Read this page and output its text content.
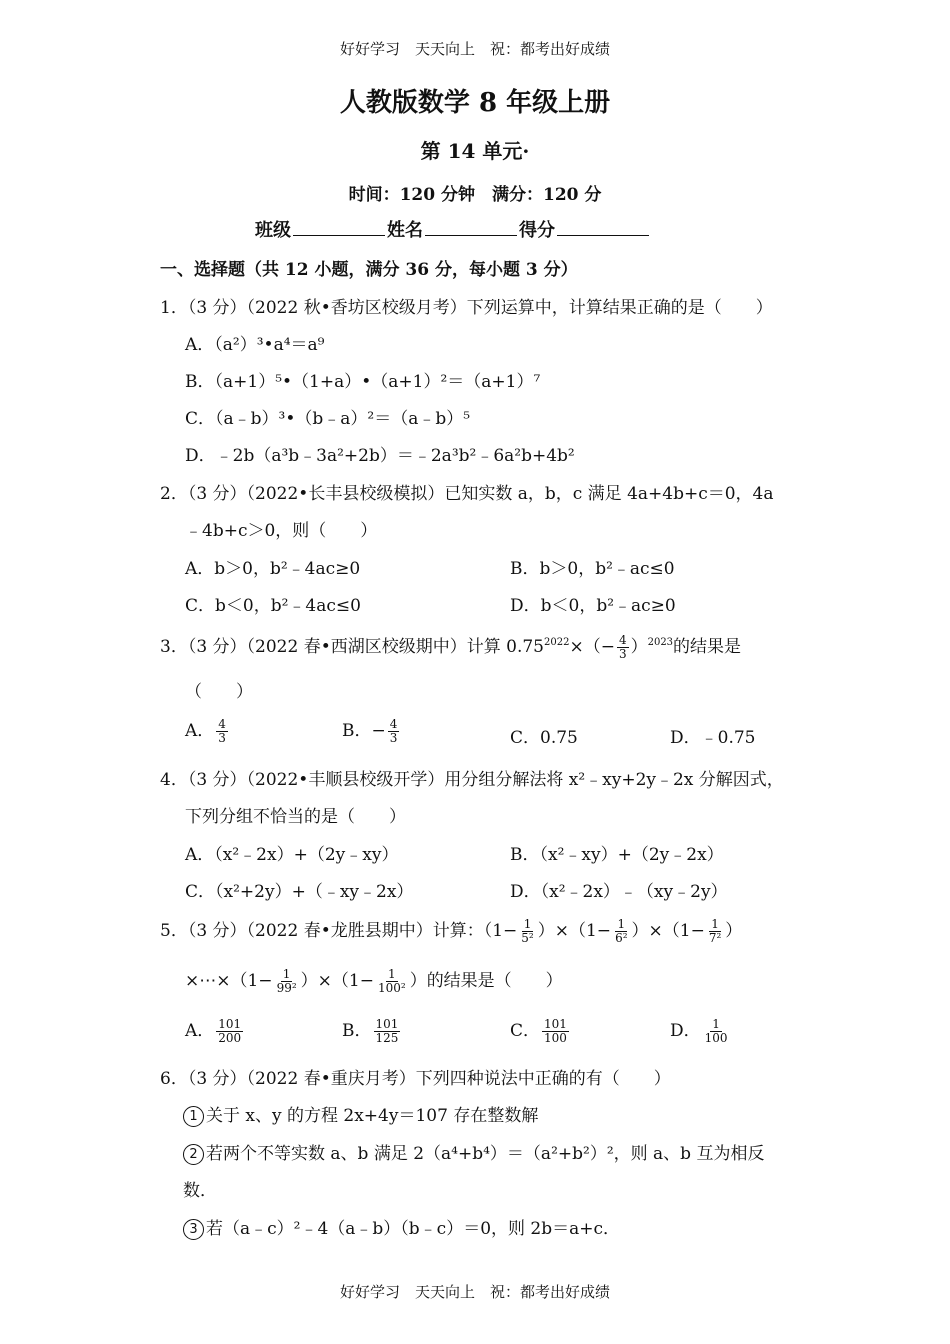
好好学习　天天向上　祝：都考出好成绩
人教版数学 8 年级上册
第 14 单元·
时间：120 分钟　满分：120 分
班级	姓名	得分
一、选择题（共 12 小题，满分 36 分，每小题 3 分）
1．（3 分）（2022 秋•香坊区校级月考）下列运算中，计算结果正确的是（　　）
A．（a²）³•a⁴＝a⁹
B．（a+1）⁵•（1+a）•（a+1）²＝（a+1）⁷
C．（a﹣b）³•（b﹣a）²＝（a﹣b）⁵
D．﹣2b（a³b﹣3a²+2b）＝﹣2a³b²﹣6a²b+4b²
2．（3 分）（2022•长丰县校级模拟）已知实数 a，b，c 满足 4a+4b+c＝0，4a
﹣4b+c＞0，则（　　）
A．b＞0，b²﹣4ac≥0	B．b＞0，b²﹣ac≤0
C．b＜0，b²﹣4ac≤0	D．b＜0，b²﹣ac≥0
3．（3 分）（2022 春•西湖区校级期中）计算 $0.75^{2022}\times(- \frac{4}{3} )^{2023}$的结果是
（　　）
A． $\frac{4}{3}$	B．− $\frac{4}{3}$	C．0.75	D．﹣0.75
4．（3 分）（2022•丰顺县校级开学）用分组分解法将 x²﹣xy+2y﹣2x 分解因式，
下列分组不恰当的是（　　）
A．（x²﹣2x）+（2y﹣xy）	B．（x²﹣xy）+（2y﹣2x）
C．（x²+2y）+（﹣xy﹣2x）	D．（x²﹣2x）﹣（xy﹣2y）
5．（3 分）（2022 春•龙胜县期中）计算：$(1- \frac{1}{\text{5²}} )\times(1- \frac{1}{\text{6²}} )\times(1- \frac{1}{\text{7²}}$ ）
×⋯×（1− $\frac{1}{\text{99²}} )\times(1- \frac{1}{\text{100²}}$ ）的结果是（　　）
A． $\frac{101}{200}$	B． $\frac{101}{125}$	C． $\frac{101}{100}$	D． $\frac{1}{100}$
6．（3 分）（2022 春•重庆月考）下列四种说法中正确的有（　　）
1 关于 x、y 的方程 2x+4y＝107 存在整数解
2 若两个不等实数 a、b 满足 2（a⁴+b⁴）＝（a²+b²）²，则 a、b 互为相反
数．
3 若（a﹣c）²﹣4（a﹣b）（b﹣c）＝0，则 2b＝a+c．
好好学习　天天向上　祝：都考出好成绩
